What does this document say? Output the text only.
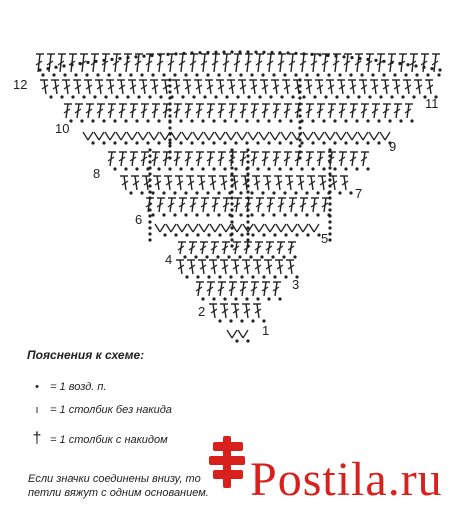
1
2
3
4
5
6
7
8
9
10
11
12
Пояснения к схеме:
• = 1 возд. п.
ı = 1 столбик без накида
† = 1 столбик с накидом
Если значки соединены внизу, то
петли вяжут с одним основанием. Postila.ru
